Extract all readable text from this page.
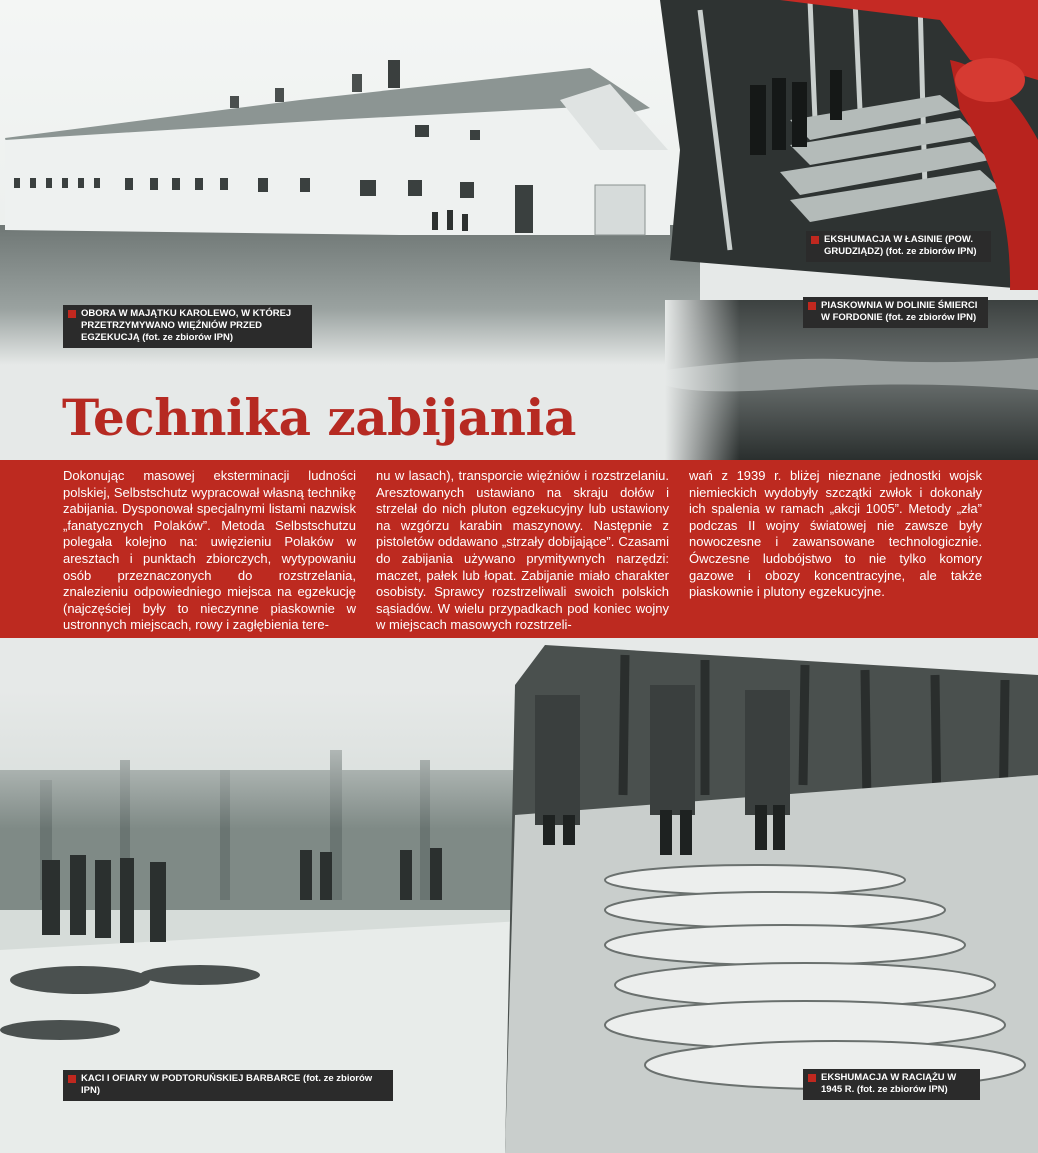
EKSHUMACJA W ŁASINIE (POW. GRUDZIĄDZ) (fot. ze zbiorów IPN)
PIASKOWNIA W DOLINIE ŚMIERCI W FORDONIE (fot. ze zbiorów IPN)
OBORA W MAJĄTKU KAROLEWO, W KTÓREJ PRZETRZYMYWANO WIĘŹNIÓW PRZED EGZEKUCJĄ (fot. ze zbiorów IPN)
Technika zabijania
Dokonując masowej eksterminacji ludności polskiej, Selbstschutz wypracował własną technikę zabijania. Dysponował specjalnymi listami nazwisk „fanatycznych Polaków”. Metoda Selbstschutzu polegała kolejno na: uwięzieniu Polaków w aresztach i punktach zbiorczych, wytypowaniu osób przeznaczonych do rozstrzelania, znalezieniu odpowiedniego miejsca na egzekucję (najczęściej były to nieczynne piaskownie w ustronnych miejscach, rowy i zagłębienia tere-
nu w lasach), transporcie więźniów i rozstrzelaniu. Aresztowanych ustawiano na skraju dołów i strzelał do nich pluton egzekucyjny lub ustawiony na wzgórzu karabin maszynowy. Następnie z pistoletów oddawano „strzały dobijające”. Czasami do zabijania używano prymitywnych narzędzi: maczet, pałek lub łopat. Zabijanie miało charakter osobisty. Sprawcy rozstrzeliwali swoich polskich sąsiadów. W wielu przypadkach pod koniec wojny w miejscach masowych rozstrzeli-
wań z 1939 r. bliżej nieznane jednostki wojsk niemieckich wydobyły szczątki zwłok i dokonały ich spalenia w ramach „akcji 1005”. Metody „zła” podczas II wojny światowej nie zawsze były nowoczesne i zawansowane technologicznie. Ówczesne ludobójstwo to nie tylko komory gazowe i obozy koncentracyjne, ale także piaskownie i plutony egzekucyjne.
KACI I OFIARY W PODTORUŃSKIEJ BARBARCE (fot. ze zbiorów IPN)
EKSHUMACJA W RACIĄŻU W 1945 R. (fot. ze zbiorów IPN)
